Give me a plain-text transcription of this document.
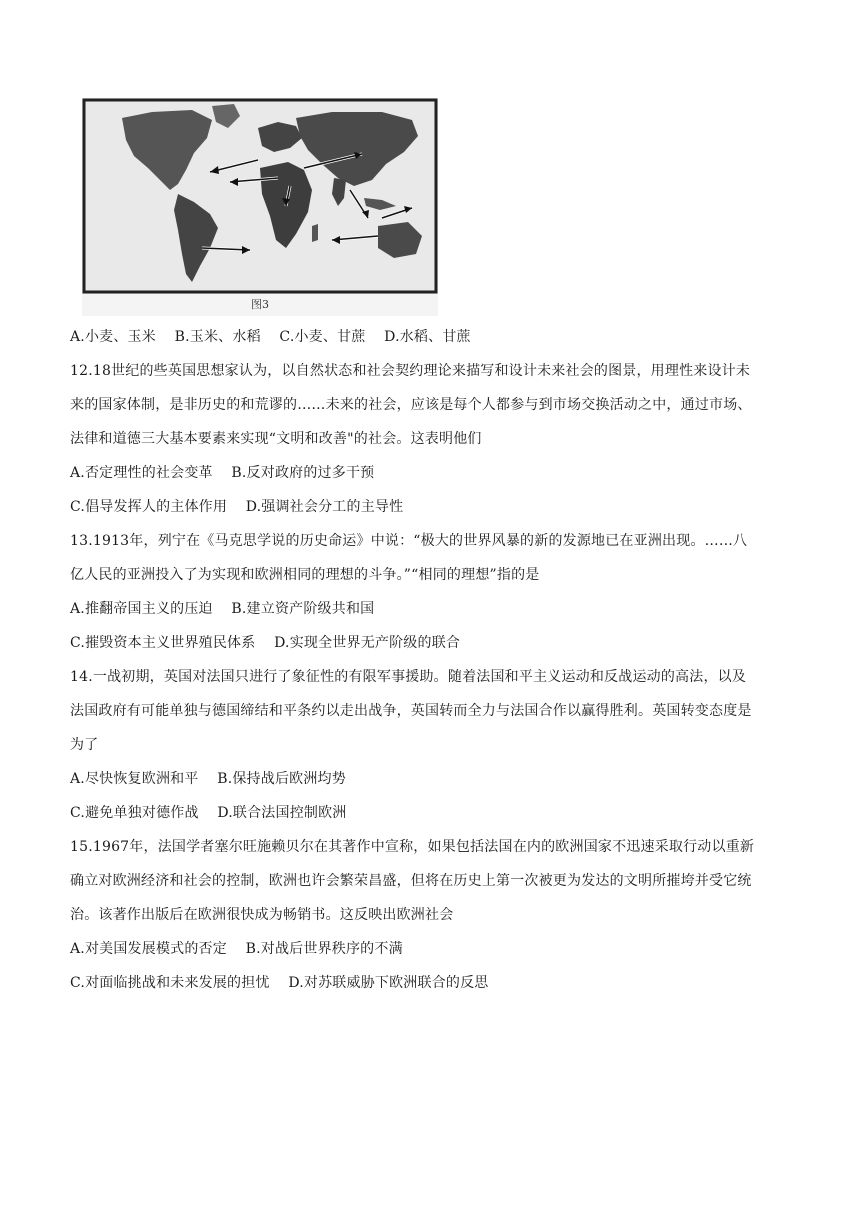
图3
A.小麦、玉米 B.玉米、水稻 C.小麦、甘蔗 D.水稻、甘蔗
12.18世纪的些英国思想家认为，以自然状态和社会契约理论来描写和设计未来社会的图景，用理性来设计未
来的国家体制，是非历史的和荒谬的……未来的社会，应该是每个人都参与到市场交换活动之中，通过市场、
法律和道德三大基本要素来实现“文明和改善"的社会。这表明他们
A.否定理性的社会变革 B.反对政府的过多干预
C.倡导发挥人的主体作用 D.强调社会分工的主导性
13.1913年，列宁在《马克思学说的历史命运》中说：“极大的世界风暴的新的发源地已在亚洲出现。……八
亿人民的亚洲投入了为实现和欧洲相同的理想的斗争。”“相同的理想”指的是
A.推翻帝国主义的压迫 B.建立资产阶级共和国
C.摧毁资本主义世界殖民体系 D.实现全世界无产阶级的联合
14.一战初期，英国对法国只进行了象征性的有限军事援助。随着法国和平主义运动和反战运动的高法，以及
法国政府有可能单独与德国缔结和平条约以走出战争，英国转而全力与法国合作以赢得胜利。英国转变态度是
为了
A.尽快恢复欧洲和平 B.保持战后欧洲均势
C.避免单独对德作战 D.联合法国控制欧洲
15.1967年，法国学者塞尔旺施赖贝尔在其著作中宣称，如果包括法国在内的欧洲国家不迅速采取行动以重新
确立对欧洲经济和社会的控制，欧洲也许会繁荣昌盛，但将在历史上第一次被更为发达的文明所摧垮并受它统
治。该著作出版后在欧洲很快成为畅销书。这反映出欧洲社会
A.对美国发展模式的否定 B.对战后世界秩序的不满
C.对面临挑战和未来发展的担忧 D.对苏联威胁下欧洲联合的反思
